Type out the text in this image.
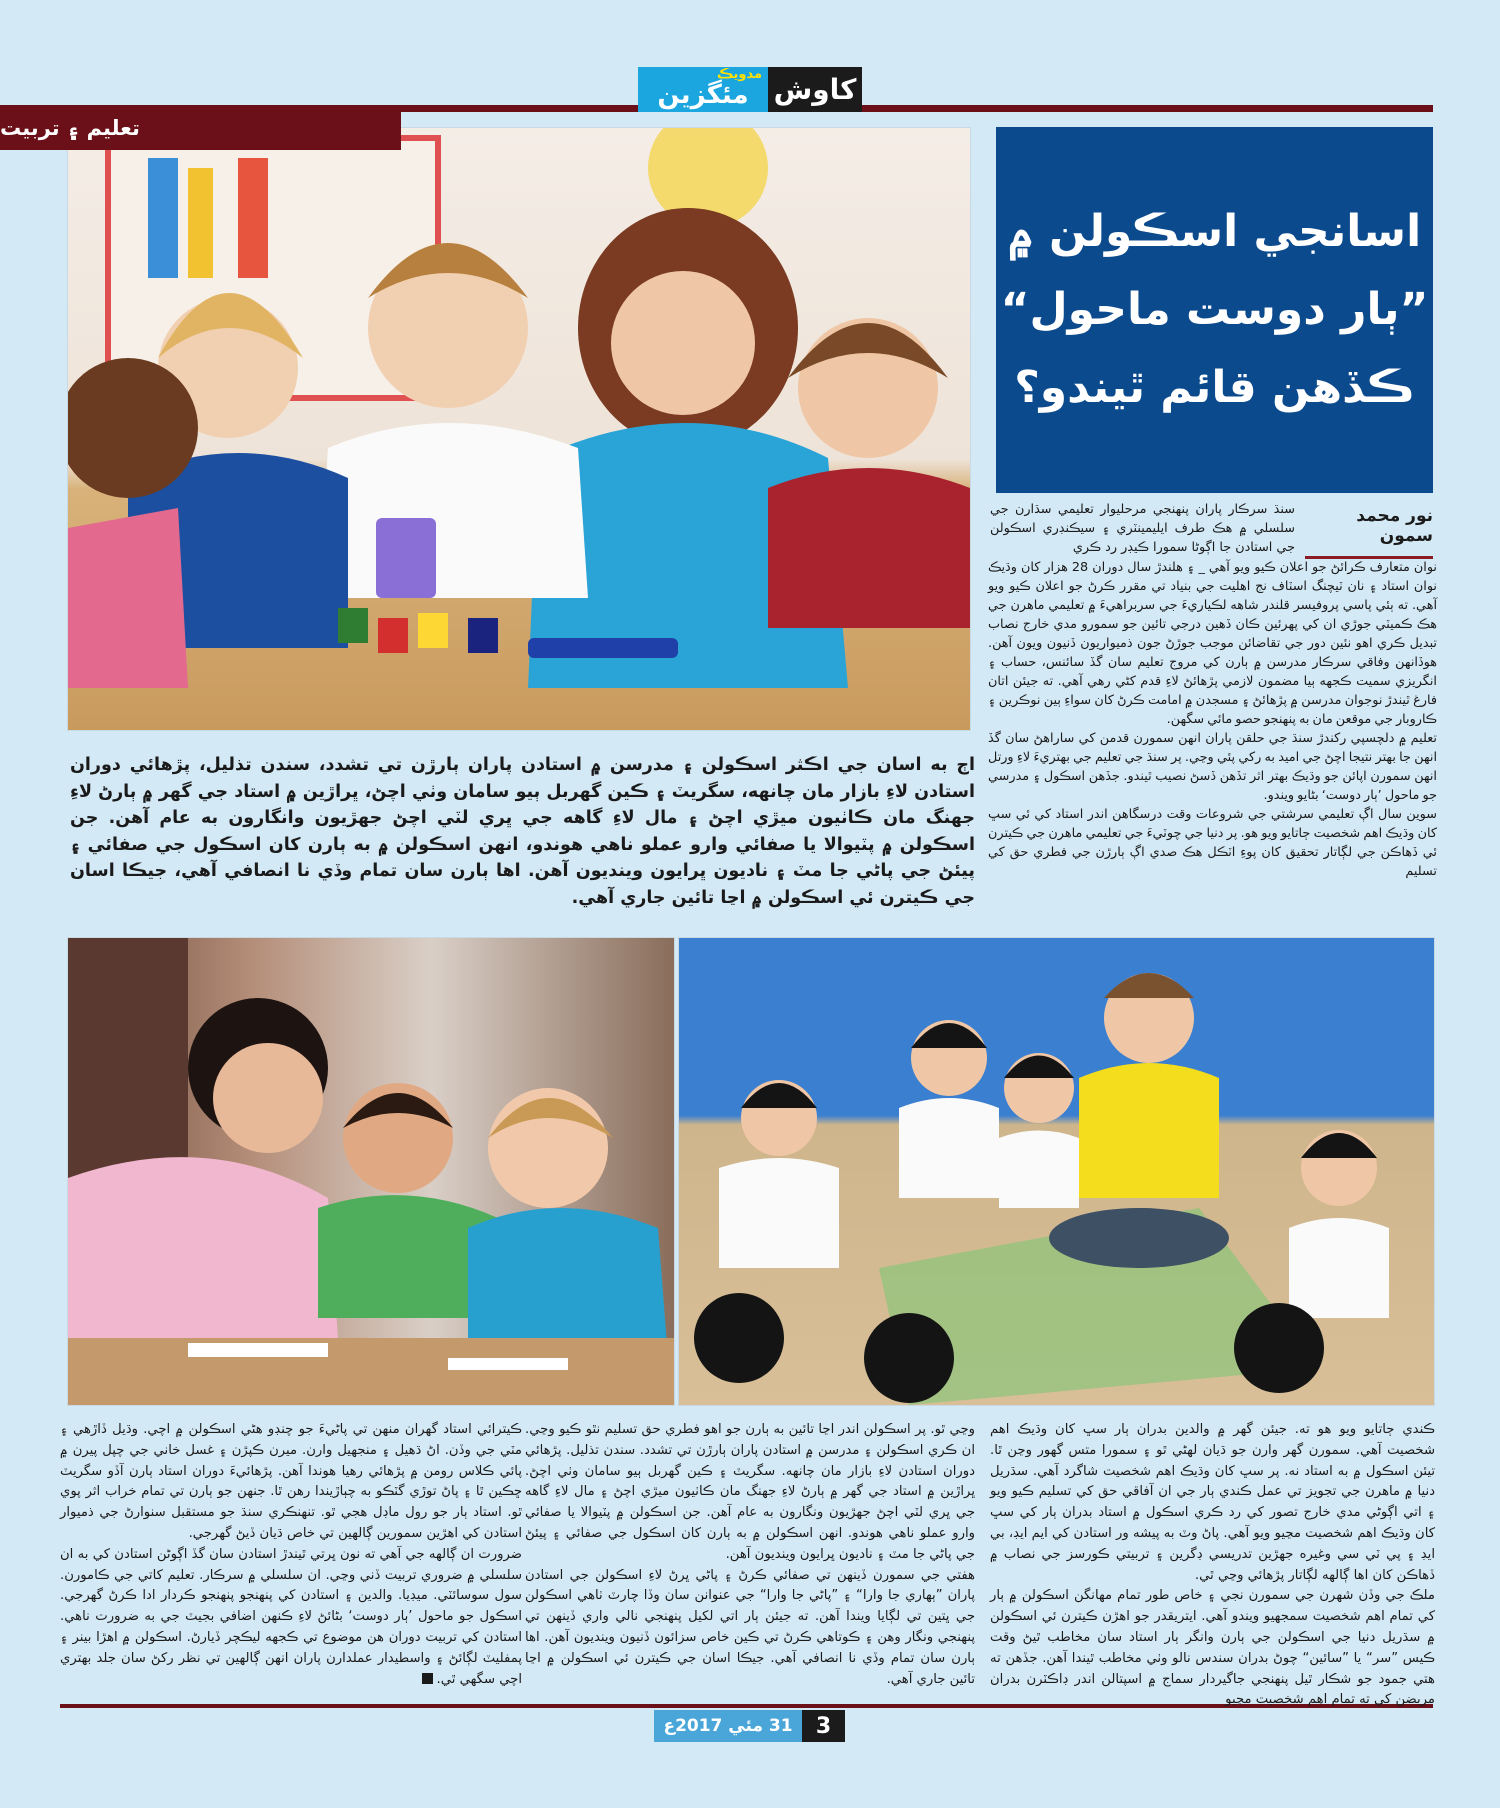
مدويڪ
مئگزين كاوش
تعليم ۽ تربيت
اسانجي اسڪولن ۾
”ٻار دوست ماحول“
ڪڏهن قائم ٿيندو؟
نور محمد سمون
سنڌ سرڪار پاران پنهنجي مرحليوار تعليمي سڌارن جي سلسلي ۾ هڪ طرف ايليمينٽري ۽ سيڪنڊري اسڪولن جي استادن جا اڳوڻا سمورا ڪيڊر رد ڪري

نوان متعارف ڪرائڻ جو اعلان ڪيو ويو آهي _ ۽ هلندڙ سال دوران 28 هزار کان وڌيڪ نوان استاد ۽ نان ٽيچنگ اسٽاف نج اهليت جي بنياد تي مقرر ڪرڻ جو اعلان ڪيو ويو آهي. ته ٻئي پاسي پروفيسر قلندر شاهه لڪياريءَ جي سربراهيءَ ۾ تعليمي ماهرن جي هڪ ڪميٽي جوڙي ان کي پهرئين ڪان ڏهين درجي تائين جو سمورو مدي خارج نصاب تبديل ڪري اهو نئين دور جي تقاضائن موجب جوڙڻ جون ذميواريون ڏنيون ويون آهن. هوڏانهن وفاقي سرڪار مدرسن ۾ ٻارن کي مروج تعليم سان گڏ سائنس، حساب ۽ انگريزي سميت ڪجهه ٻيا مضمون لازمي پڙهائڻ لاءِ قدم کڻي رهي آهي. ته جيئن اتان فارغ ٿيندڙ نوجوان مدرسن ۾ پڙهائڻ ۽ مسجدن ۾ امامت ڪرڻ کان سواءِ ٻين نوڪرين ۽ ڪاروبار جي موقعن مان به پنهنجو حصو مائي سگهن.

تعليم ۾ دلچسپي رکندڙ سنڌ جي حلقن پاران انهن سمورن قدمن کي ساراهڻ سان گڏ انهن جا بهتر نتيجا اچڻ جي اميد به رکي پئي وڃي. پر سنڌ جي تعليم جي بهتريءَ لاءِ ورتل انهن سمورن اپائن جو وڌيڪ بهتر اثر تڏهن ڏسڻ نصيب ٿيندو. جڏهن اسڪول ۽ مدرسي جو ماحول ’ٻار دوست‘ بڻايو ويندو.

سوين سال اڳ تعليمي سرشتي جي شروعات وقت درسگاهن اندر استاد کي ئي سڀ کان وڌيڪ اهم شخصيت ڄاتايو ويو هو. پر دنيا جي چوٽيءَ جي تعليمي ماهرن جي ڪيترن ئي ڏهاڪن جي لڳاتار تحقيق کان پوءِ اٽڪل هڪ صدي اڳ ٻارڙن جي فطري حق کي تسليم

اڄ به اسان جي اڪثر اسڪولن ۽ مدرسن ۾ استادن پاران ٻارڙن تي تشدد، سندن تذليل، پڙهائي دوران استادن لاءِ بازار مان چانهه، سگريٽ ۽ ڪين گهربل ٻيو سامان وٺي اچڻ، ڀراڙين ۾ استاد جي گهر ۾ ٻارڻ لاءِ جهنگ مان ڪاٺيون ميڙي اچڻ ۽ مال لاءِ گاهه جي ڀري لٽي اچڻ جهڙيون وانگارون به عام آهن. جن اسڪولن ۾ پٽيوالا يا صفائي وارو عملو ناهي هوندو، انهن اسڪولن ۾ به ٻارن کان اسڪول جي صفائي ۽ پيئڻ جي پاڻي جا مٽ ۽ ناديون ڀرايون وينديون آهن. اها ٻارن سان تمام وڏي نا انصافي آهي، جيڪا اسان جي ڪيترن ئي اسڪولن ۾ اڃا تائين جاري آهي.

ڪندي ڄاتايو ويو هو ته. جيئن گهر ۾ والدين بدران ٻار سڀ کان وڌيڪ اهم شخصيت آهي. سمورن گهر وارن جو ڌيان لهڻي ٿو ۽ سمورا متس گهور وڃن ٿا. تيئن اسڪول ۾ به استاد نه. پر سڀ کان وڌيڪ اهم شخصيت شاگرد آهي. سڌريل دنيا ۾ ماهرن جي تجويز تي عمل ڪندي ٻار جي ان آفاقي حق کي تسليم ڪيو ويو ۽ اتي اڳوڻي مدي خارج تصور کي رد ڪري اسڪول ۾ استاد بدران ٻار کي سڀ کان وڌيڪ اهم شخصيت مڃيو ويو آهي. پاڻ وٽ به پيشه ور استادن کي ايم ايڊ، بي ايڊ ۽ پي ٽي سي وغيره جهڙين تدريسي ڊگرين ۽ تربيتي ڪورسز جي نصاب ۾ ڏهاڪن کان اها ڳالهه لڳاتار پڙهائي وڃي ٿي.

ملڪ جي وڏن شهرن جي سمورن نجي ۽ خاص طور تمام مهانگن اسڪولن ۾ ٻار کي تمام اهم شخصيت سمجهيو ويندو آهي. ايتريقدر جو اهڙن ڪيترن ئي اسڪولن ۾ سڌريل دنيا جي اسڪولن جي ٻارن وانگر ٻار استاد سان مخاطب ٿيڻ وقت ڪيس ”سر“ يا ”سائين“ چوڻ بدران سندس نالو وٺي مخاطب ٿيندا آهن. جڏهن ته هتي جمود جو شڪار ٿيل پنهنجي جاگيردار سماج ۾ اسپتالن اندر ڊاڪٽرن بدران مريضن کي ته تمام اهم شخصيت مڃيو

وڃي ٿو. پر اسڪولن اندر اڃا تائين به ٻارن جو اهو فطري حق تسليم نٿو ڪيو وڃي. ان ڪري اسڪولن ۽ مدرسن ۾ استادن پاران ٻارڙن تي تشدد. سندن تذليل. پڙهائي دوران استادن لاءِ بازار مان چانهه. سگريٽ ۽ ڪين گهربل ٻيو سامان وٺي اچڻ. ڀراڙين ۾ استاد جي گهر ۾ ٻارڻ لاءِ جهنگ مان ڪاٺيون ميڙي اچڻ ۽ مال لاءِ گاهه جي ڀري لٽي اچڻ جهڙيون ونگارون به عام آهن. جن اسڪولن ۾ پٽيوالا يا صفائي وارو عملو ناهي هوندو. انهن اسڪولن ۾ به ٻارن کان اسڪول جي صفائي ۽ پيئڻ جي پاڻي جا مٽ ۽ ناديون ڀرايون وينديون آهن.

هفتي جي سمورن ڏينهن تي صفائي ڪرڻ ۽ پاڻي ڀرڻ لاءِ اسڪولن جي استادن پاران ”ٻهاري جا وارا“ ۽ ”پاڻي جا وارا“ جي عنوانن سان وڏا چارٽ ٺاهي اسڪولن جي ڀتين تي لڳايا ويندا آهن. ته جيئن ٻار اتي لکيل پنهنجي نالي واري ڏينهن تي پنهنجي ونگار وهن ۽ ڪوتاهي ڪرڻ تي ڪين خاص سزائون ڏنيون وينديون آهن. اها ٻارن سان تمام وڏي نا انصافي آهي. جيڪا اسان جي ڪيترن ئي اسڪولن ۾ اڃا تائين جاري آهي.

ڪيترائي استاد گهران منهن تي پاڻيءَ جو چنڊو هڻي اسڪولن ۾ اچي. وڌيل ڏاڙهي ۽ مٽي جي وڏن. اڻ ڌهيل ۽ منجهيل وارن. ميرن ڪپڙن ۽ غسل خاني جي چپل پيرن ۾ پائي ڪلاس رومن ۾ پڙهائي رهيا هوندا آهن. پڙهائيءَ دوران استاد ٻارن آڏو سگريٽ ڇڪين ٿا ۽ پاڻ توڙي گٽڪو به چٻاڙيندا رهن ٿا. جنهن جو ٻارن تي تمام خراب اثر پوي ٿو. استاد ٻار جو رول ماڊل هجي ٿو. تنهنڪري سنڌ جو مستقبل سنوارڻ جي ذميوار استادن کي اهڙين سمورين ڳالهين تي خاص ڌيان ڏيڻ گهرجي.

ضرورت ان ڳالهه جي آهي ته نون ڀرتي ٿيندڙ استادن سان گڏ اڳوڻن استادن کي به ان سلسلي ۾ ضروري تربيت ڏني وڃي. ان سلسلي ۾ سرڪار. تعليم کاتي جي ڪامورن. سول سوسائٽي. ميڊيا. والدين ۽ استادن کي پنهنجو پنهنجو ڪردار ادا ڪرڻ گهرجي. اسڪول جو ماحول ’ٻار دوست‘ بڻائڻ لاءِ ڪنهن اضافي بجيٽ جي به ضرورت ناهي. استادن کي تربيت دوران هن موضوع تي ڪجهه ليڪچر ڏيارڻ. اسڪولن ۾ اهڙا بينر ۽ پمفليٽ لڳائڻ ۽ واسطيدار عملدارن پاران انهن ڳالهين تي نظر رکڻ سان جلد بهتري اچي سگهي ٿي.

31 مئي 2017ع	3
